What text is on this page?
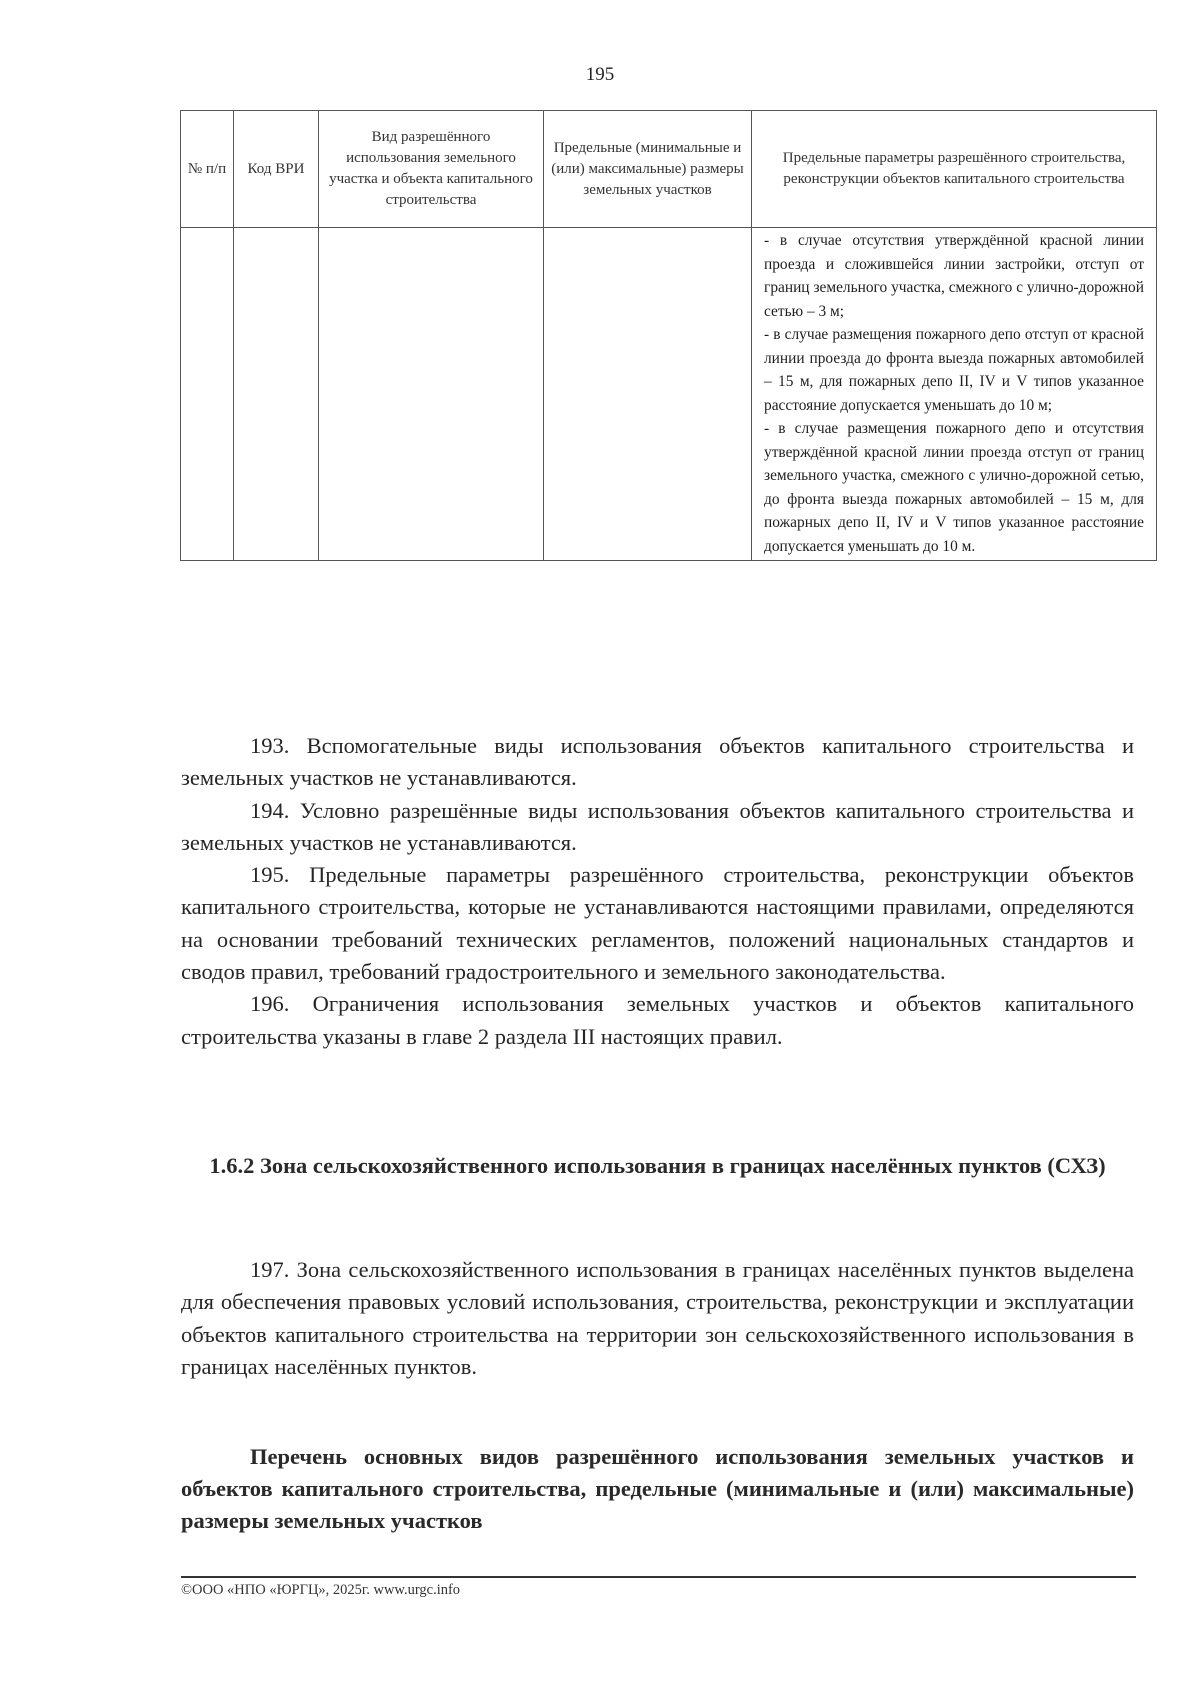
195
№ п/п	Код ВРИ	Вид разрешённого использования земельного участка и объекта капитального строительства	Предельные (минимальные и (или) максимальные) размеры земельных участков	Предельные параметры разрешённого строительства, реконструкции объектов капитального строительства

				- в случае отсутствия утверждённой красной линии проезда и сложившейся линии застройки, отступ от границ земельного участка, смежного с улично-дорожной сетью – 3 м;

- в случае размещения пожарного депо отступ от красной линии проезда до фронта выезда пожарных автомобилей – 15 м, для пожарных депо II, IV и V типов указанное расстояние допускается уменьшать до 10 м;

- в случае размещения пожарного депо и отсутствия утверждённой красной линии проезда отступ от границ земельного участка, смежного с улично-дорожной сетью, до фронта выезда пожарных автомобилей – 15 м, для пожарных депо II, IV и V типов указанное расстояние допускается уменьшать до 10 м.

193. Вспомогательные виды использования объектов капитального строительства и земельных участков не устанавливаются.

194. Условно разрешённые виды использования объектов капитального строительства и земельных участков не устанавливаются.

195. Предельные параметры разрешённого строительства, реконструкции объектов капитального строительства, которые не устанавливаются настоящими правилами, определяются на основании требований технических регламентов, положений национальных стандартов и сводов правил, требований градостроительного и земельного законодательства.

196. Ограничения использования земельных участков и объектов капитального строительства указаны в главе 2 раздела III настоящих правил.

1.6.2 Зона сельскохозяйственного использования в границах населённых пунктов (СХЗ)

197. Зона сельскохозяйственного использования в границах населённых пунктов выделена для обеспечения правовых условий использования, строительства, реконструкции и эксплуатации объектов капитального строительства на территории зон сельскохозяйственного использования в границах населённых пунктов.

Перечень основных видов разрешённого использования земельных участков и объектов капитального строительства, предельные (минимальные и (или) максимальные) размеры земельных участков
©ООО «НПО «ЮРГЦ», 2025г. www.urgc.info
